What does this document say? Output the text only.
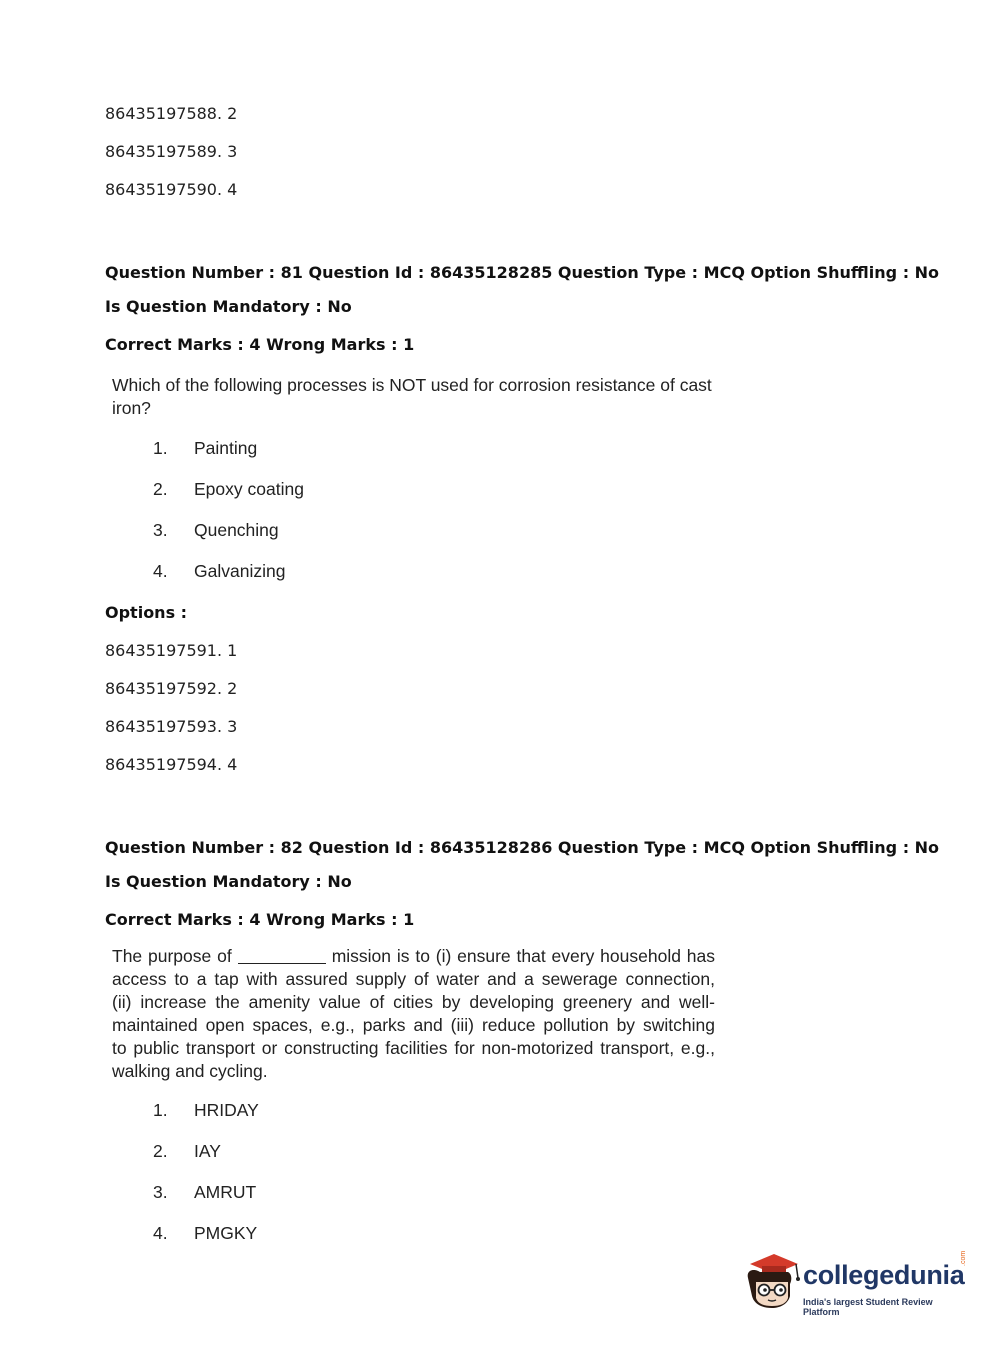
86435197588. 2
86435197589. 3
86435197590. 4
Question Number : 81 Question Id : 86435128285 Question Type : MCQ Option Shuffling : No
Is Question Mandatory : No
Correct Marks : 4 Wrong Marks : 1
Which of the following processes is NOT used for corrosion resistance of cast
iron?
1.	Painting
2.	Epoxy coating
3.	Quenching
4.	Galvanizing
Options :
86435197591. 1
86435197592. 2
86435197593. 3
86435197594. 4
Question Number : 82 Question Id : 86435128286 Question Type : MCQ Option Shuffling : No
Is Question Mandatory : No
Correct Marks : 4 Wrong Marks : 1
The purpose of	mission is to (i) ensure that every household has
access to a tap with assured supply of water and a sewerage connection,
(ii) increase the amenity value of cities by developing greenery and well-
maintained open spaces, e.g., parks and (iii) reduce pollution by switching
to public transport or constructing facilities for non-motorized transport, e.g.,
walking and cycling.
1.	HRIDAY
2.	IAY
3.	AMRUT
4.	PMGKY
collegedunia
.com
India's largest Student Review Platform
